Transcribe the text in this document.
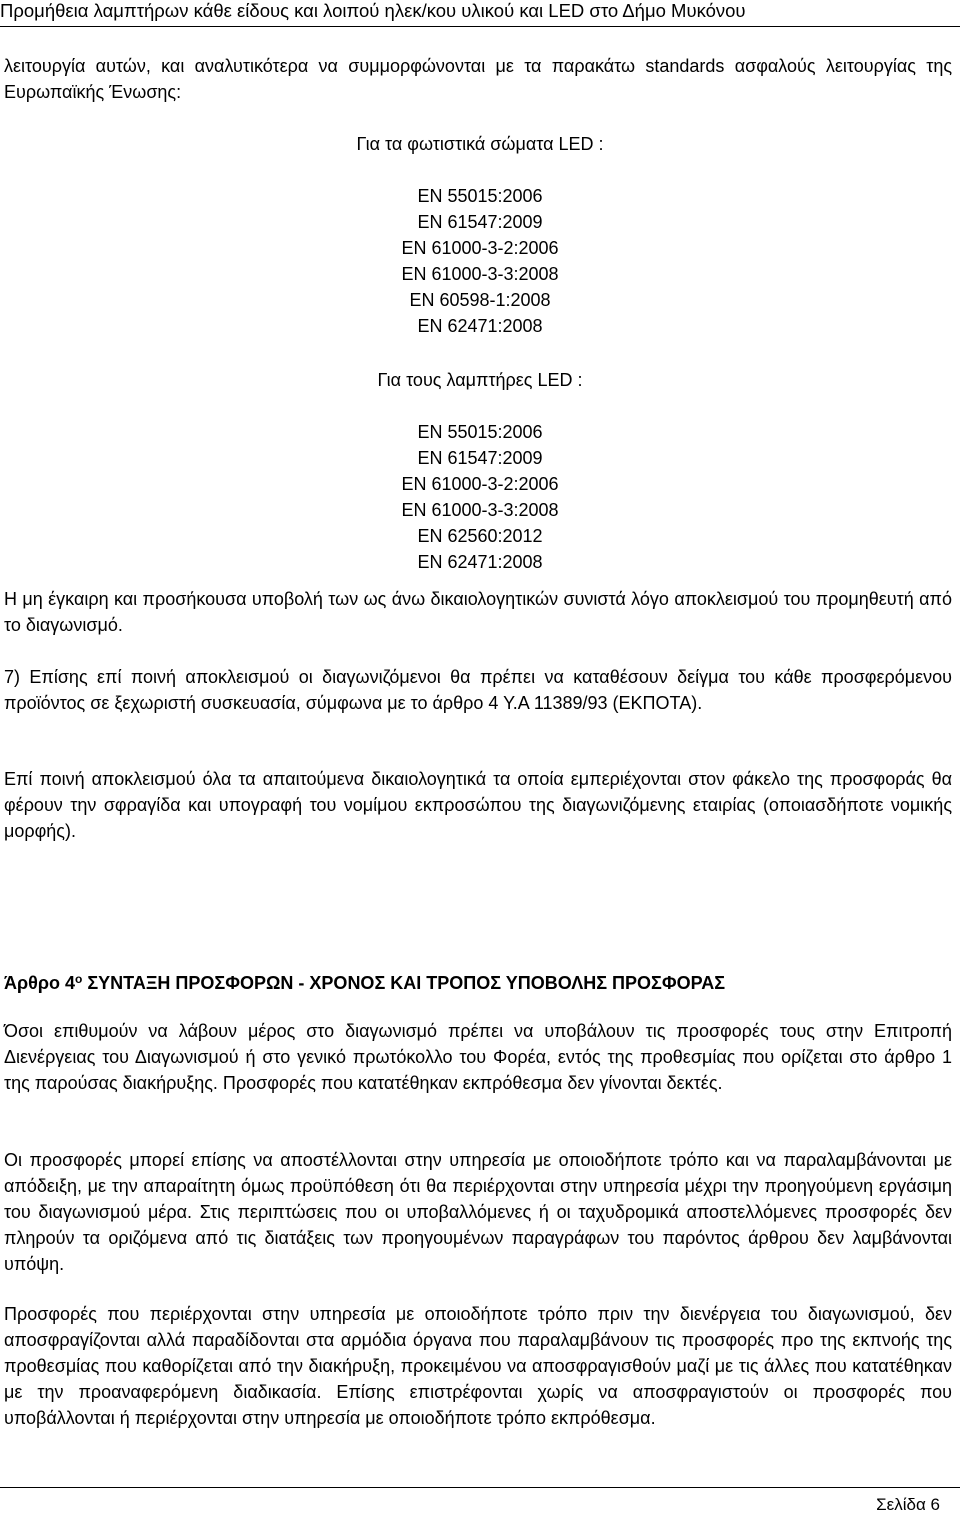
Προμήθεια λαμπτήρων κάθε είδους και λοιπού ηλεκ/κου υλικού και LED στο Δήμο Μυκόνου
λειτουργία αυτών, και αναλυτικότερα να συμμορφώνονται με τα παρακάτω standards ασφαλούς λειτουργίας της Ευρωπαϊκής Ένωσης:
Για τα φωτιστικά σώματα LED :
EN 55015:2006
EN 61547:2009
EN 61000-3-2:2006
EN 61000-3-3:2008
EN 60598-1:2008
EN 62471:2008
Για τους λαμπτήρες LED :
EN 55015:2006
EN 61547:2009
EN 61000-3-2:2006
EN 61000-3-3:2008
EN 62560:2012
EN 62471:2008
Η μη έγκαιρη και προσήκουσα υποβολή των ως άνω δικαιολογητικών συνιστά λόγο αποκλεισμού του προμηθευτή από το διαγωνισμό.
7) Επίσης επί ποινή αποκλεισμού οι διαγωνιζόμενοι θα πρέπει να καταθέσουν δείγμα του κάθε προσφερόμενου προϊόντος σε ξεχωριστή συσκευασία, σύμφωνα με το άρθρο 4 Υ.Α 11389/93 (ΕΚΠΟΤΑ).
Επί ποινή αποκλεισμού όλα τα απαιτούμενα δικαιολογητικά τα οποία εμπεριέχονται στον φάκελο της προσφοράς θα φέρουν την σφραγίδα και υπογραφή του νομίμου εκπροσώπου της διαγωνιζόμενης εταιρίας (οποιασδήποτε νομικής μορφής).
Άρθρο $4^o$ ΣΥΝΤΑΞΗ ΠΡΟΣΦΟΡΩΝ - ΧΡΟΝΟΣ ΚΑΙ ΤΡΟΠΟΣ ΥΠΟΒΟΛΗΣ ΠΡΟΣΦΟΡΑΣ
Όσοι επιθυμούν να λάβουν μέρος στο διαγωνισμό πρέπει να υποβάλουν τις προσφορές τους στην Επιτροπή Διενέργειας του Διαγωνισμού ή στο γενικό πρωτόκολλο του Φορέα, εντός της προθεσμίας που ορίζεται στο άρθρο 1 της παρούσας διακήρυξης. Προσφορές που κατατέθηκαν εκπρόθεσμα δεν γίνονται δεκτές.
Οι προσφορές μπορεί επίσης να αποστέλλονται στην υπηρεσία με οποιοδήποτε τρόπο και να παραλαμβάνονται με απόδειξη, με την απαραίτητη όμως προϋπόθεση ότι θα περιέρχονται στην υπηρεσία μέχρι την προηγούμενη εργάσιμη του διαγωνισμού μέρα. Στις περιπτώσεις που οι υποβαλλόμενες ή οι ταχυδρομικά αποστελλόμενες προσφορές δεν πληρούν τα οριζόμενα από τις διατάξεις των προηγουμένων παραγράφων του παρόντος άρθρου δεν λαμβάνονται υπόψη.
Προσφορές που περιέρχονται στην υπηρεσία με οποιοδήποτε τρόπο πριν την διενέργεια του διαγωνισμού, δεν αποσφραγίζονται αλλά παραδίδονται στα αρμόδια όργανα που παραλαμβάνουν τις προσφορές προ της εκπνοής της προθεσμίας που καθορίζεται από την διακήρυξη, προκειμένου να αποσφραγισθούν μαζί με τις άλλες που κατατέθηκαν με την προαναφερόμενη διαδικασία. Επίσης επιστρέφονται χωρίς να αποσφραγιστούν οι προσφορές που υποβάλλονται ή περιέρχονται στην υπηρεσία με οποιοδήποτε τρόπο εκπρόθεσμα.
Σελίδα 6
